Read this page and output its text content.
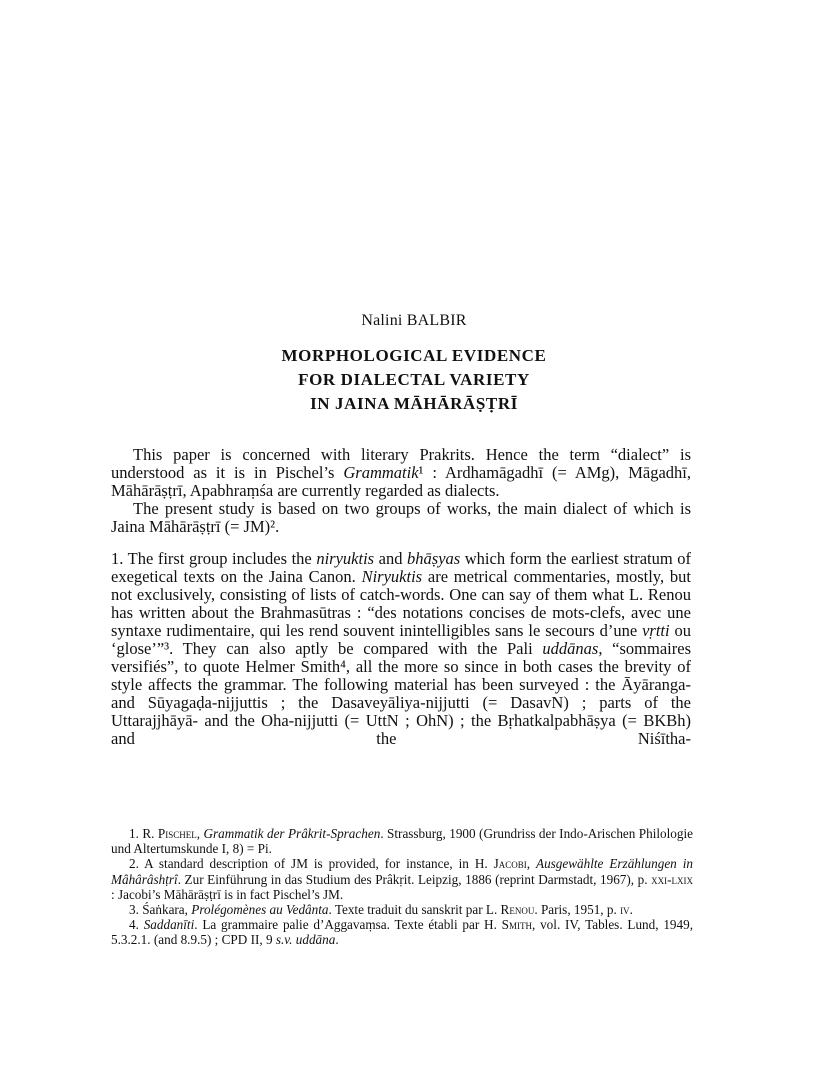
Nalini BALBIR
MORPHOLOGICAL EVIDENCE
FOR DIALECTAL VARIETY
IN JAINA MĀHĀRĀṢṬRĪ

This paper is concerned with literary Prakrits. Hence the term “dialect” is understood as it is in Pischel’s Grammatik¹ : Ardhamāgadhī (= AMg), Māgadhī, Māhārāṣṭrī, Apabhraṃśa are currently regarded as dialects.

The present study is based on two groups of works, the main dialect of which is Jaina Māhārāṣṭrī (= JM)².

1. The first group includes the niryuktis and bhāṣyas which form the earliest stratum of exegetical texts on the Jaina Canon. Niryuktis are metrical commentaries, mostly, but not exclusively, consisting of lists of catch-words. One can say of them what L. Renou has written about the Brahmasūtras : “des notations concises de mots-clefs, avec une syntaxe rudimentaire, qui les rend souvent inintelligibles sans le secours d’une vṛtti ou ‘glose’”³. They can also aptly be compared with the Pali uddānas, “sommaires versifiés”, to quote Helmer Smith⁴, all the more so since in both cases the brevity of style affects the grammar. The following material has been surveyed : the Āyāranga- and Sūyagaḍa-nijjuttis ; the Dasaveyāliya-nijjutti (= DasavN) ; parts of the Uttarajjhāyā- and the Oha-nijjutti (= UttN ; OhN) ; the Bṛhatkalpabhāṣya (= BKBh) and the Niśītha-

1. R. Pischel, Grammatik der Prâkrit-Sprachen. Strassburg, 1900 (Grundriss der Indo-Arischen Philologie und Altertumskunde I, 8) = Pi.

2. A standard description of JM is provided, for instance, in H. Jacobi, Ausgewählte Erzählungen in Mâhârâshṭrî. Zur Einführung in das Studium des Prâkṛit. Leipzig, 1886 (reprint Darmstadt, 1967), p. xxi-lxix : Jacobi’s Māhārāṣṭrī is in fact Pischel’s JM.

3. Śaṅkara, Prolégomènes au Vedânta. Texte traduit du sanskrit par L. Renou. Paris, 1951, p. iv.

4. Saddanīti. La grammaire palie d’Aggavaṃsa. Texte établi par H. Smith, vol. IV, Tables. Lund, 1949, 5.3.2.1. (and 8.9.5) ; CPD II, 9 s.v. uddāna.
